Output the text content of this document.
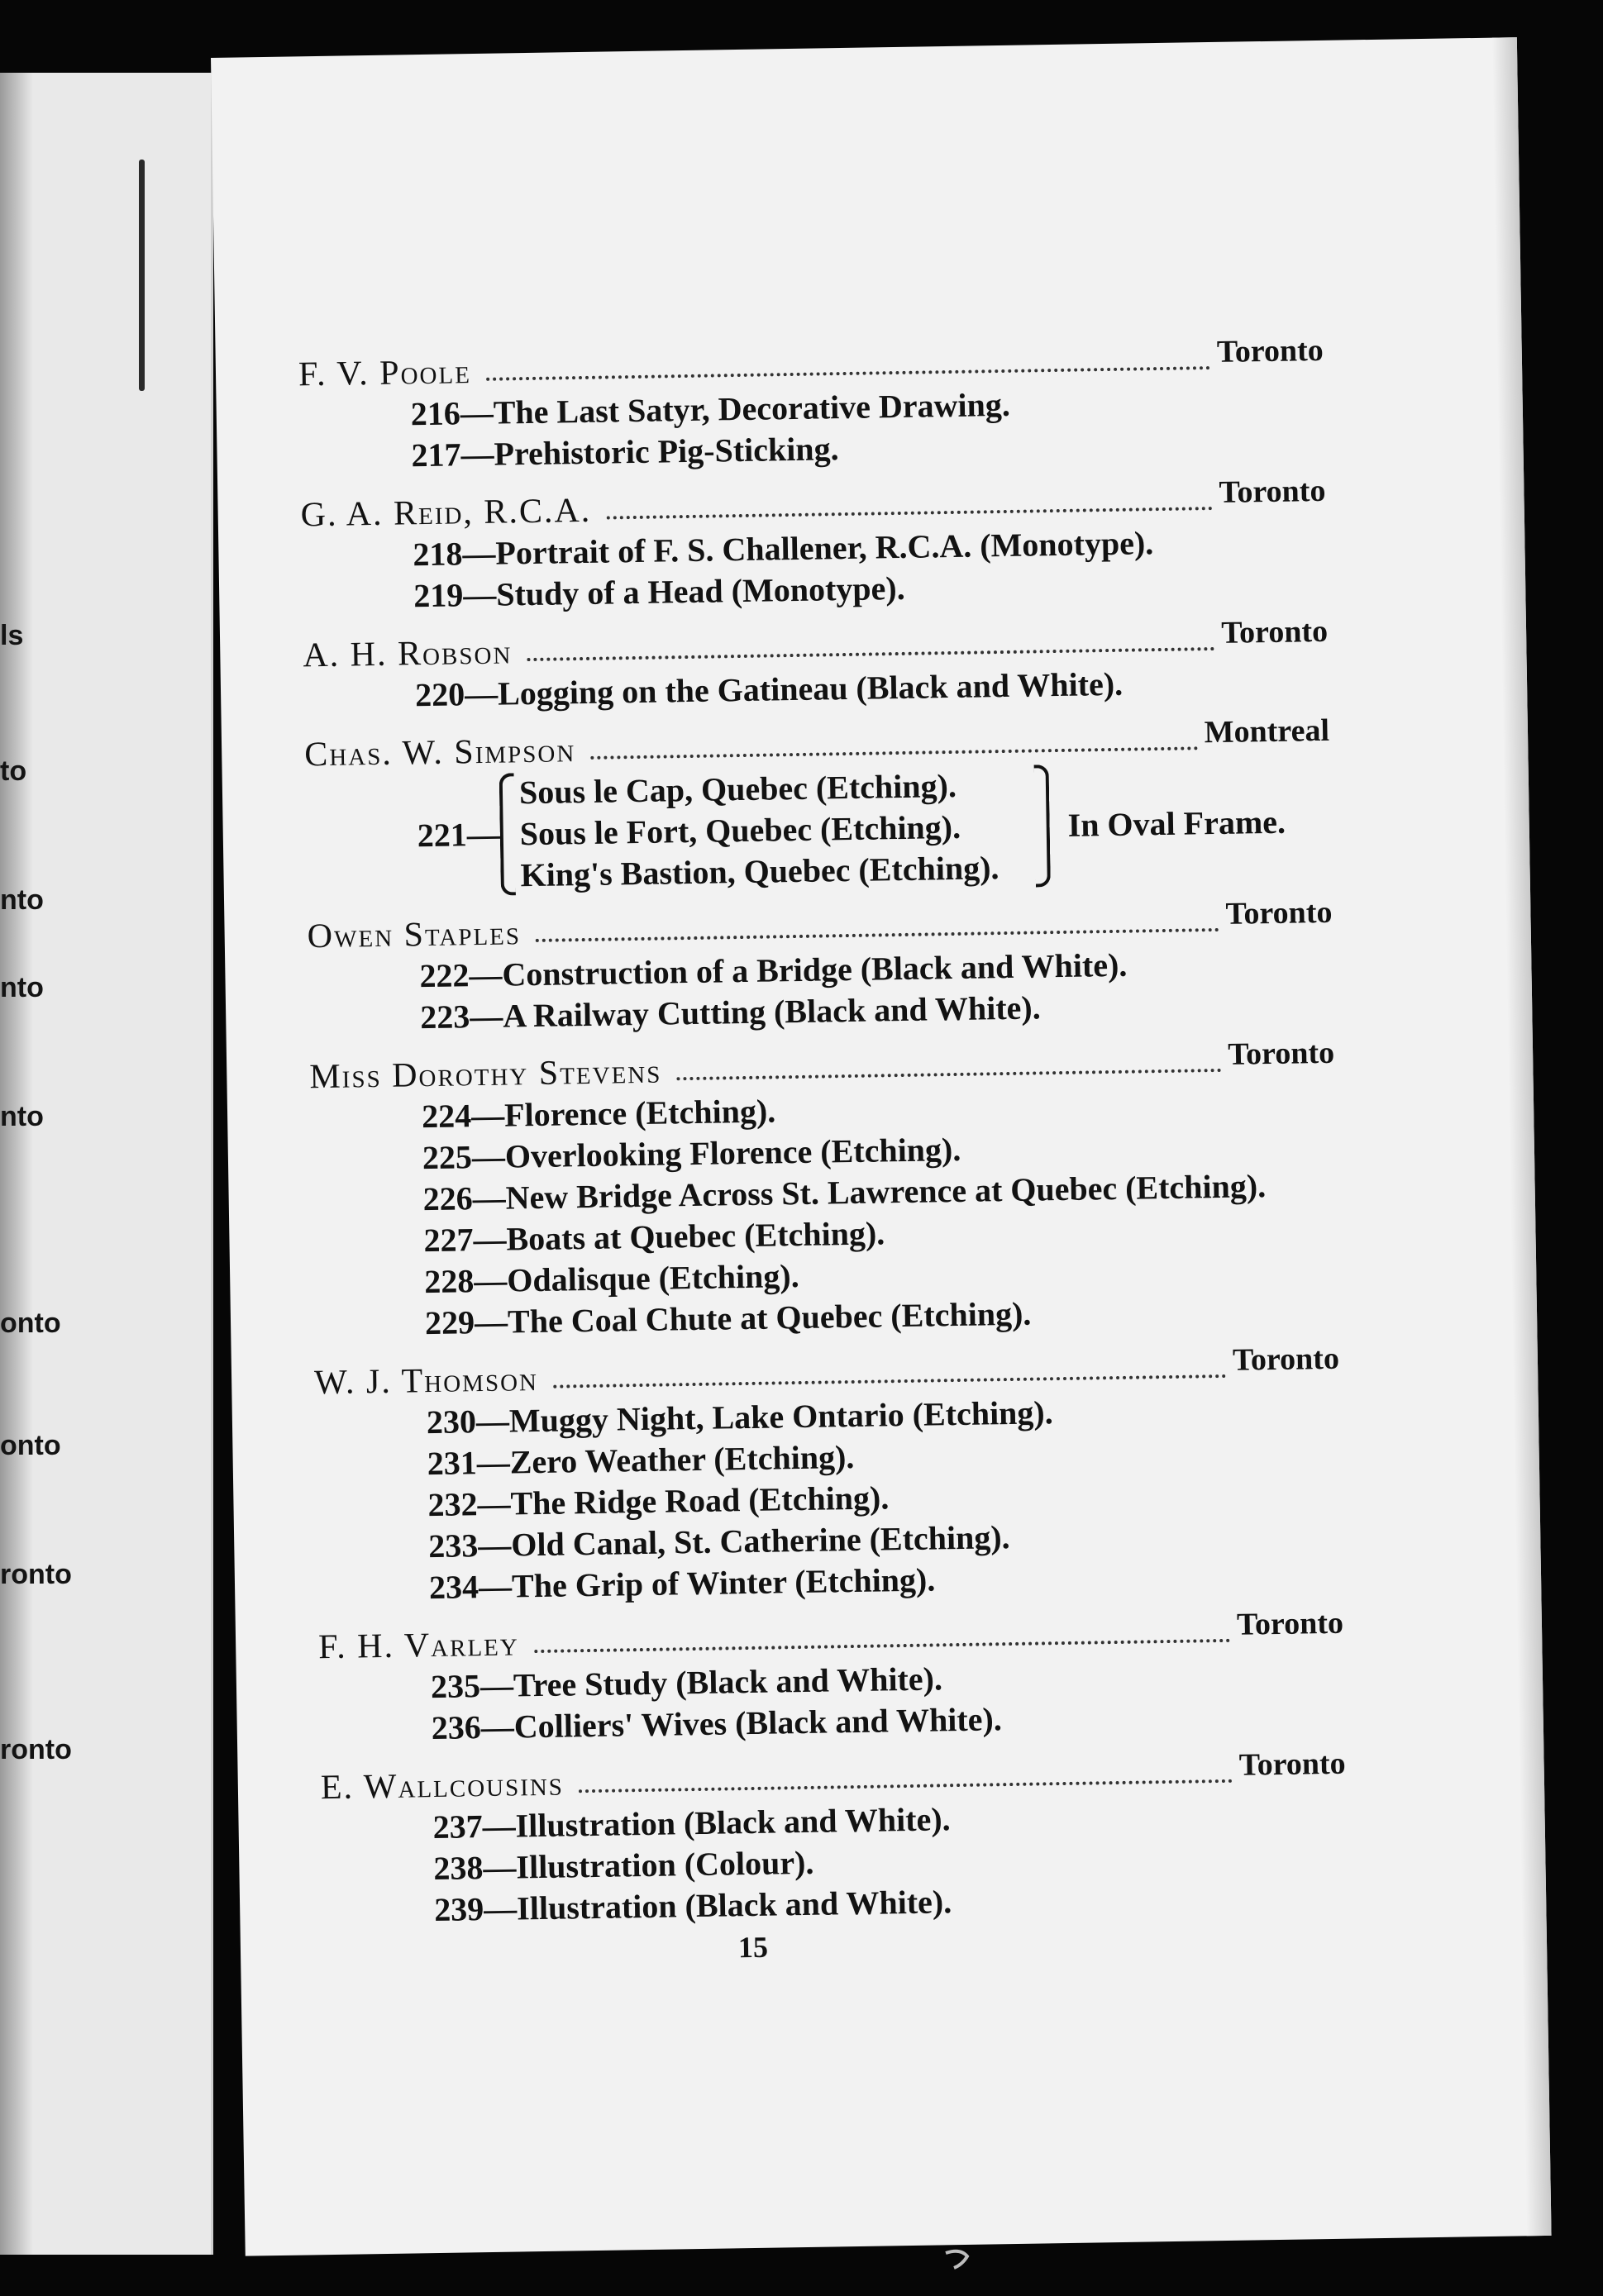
ls
to
nto
nto
nto
onto
onto
ronto
ronto
F. V. Poole
Toronto
216—The Last Satyr, Decorative Drawing.
217—Prehistoric Pig-Sticking.
G. A. Reid, R.C.A.	Toronto
218—Portrait of F. S. Challener, R.C.A. (Monotype).
219—Study of a Head (Monotype).
A. H. Robson
Toronto
220—Logging on the Gatineau (Black and White).
Chas. W. Simpson
Montreal
221—
Sous le Cap, Quebec (Etching).
Sous le Fort, Quebec (Etching).
King's Bastion, Quebec (Etching).
In Oval Frame.
Owen Staples
Toronto
222—Construction of a Bridge (Black and White).
223—A Railway Cutting (Black and White).
Miss Dorothy Stevens	Toronto
224—Florence (Etching).
225—Overlooking Florence (Etching).
226—New Bridge Across St. Lawrence at Quebec (Etching).
227—Boats at Quebec (Etching).
228—Odalisque (Etching).
229—The Coal Chute at Quebec (Etching).
W. J. Thomson
Toronto
230—Muggy Night, Lake Ontario (Etching).
231—Zero Weather (Etching).
232—The Ridge Road (Etching).
233—Old Canal, St. Catherine (Etching).
234—The Grip of Winter (Etching).
F. H. Varley
Toronto
235—Tree Study (Black and White).
236—Colliers' Wives (Black and White).
E. Wallcousins
Toronto
237—Illustration (Black and White).
238—Illustration (Colour).
239—Illustration (Black and White).
15
